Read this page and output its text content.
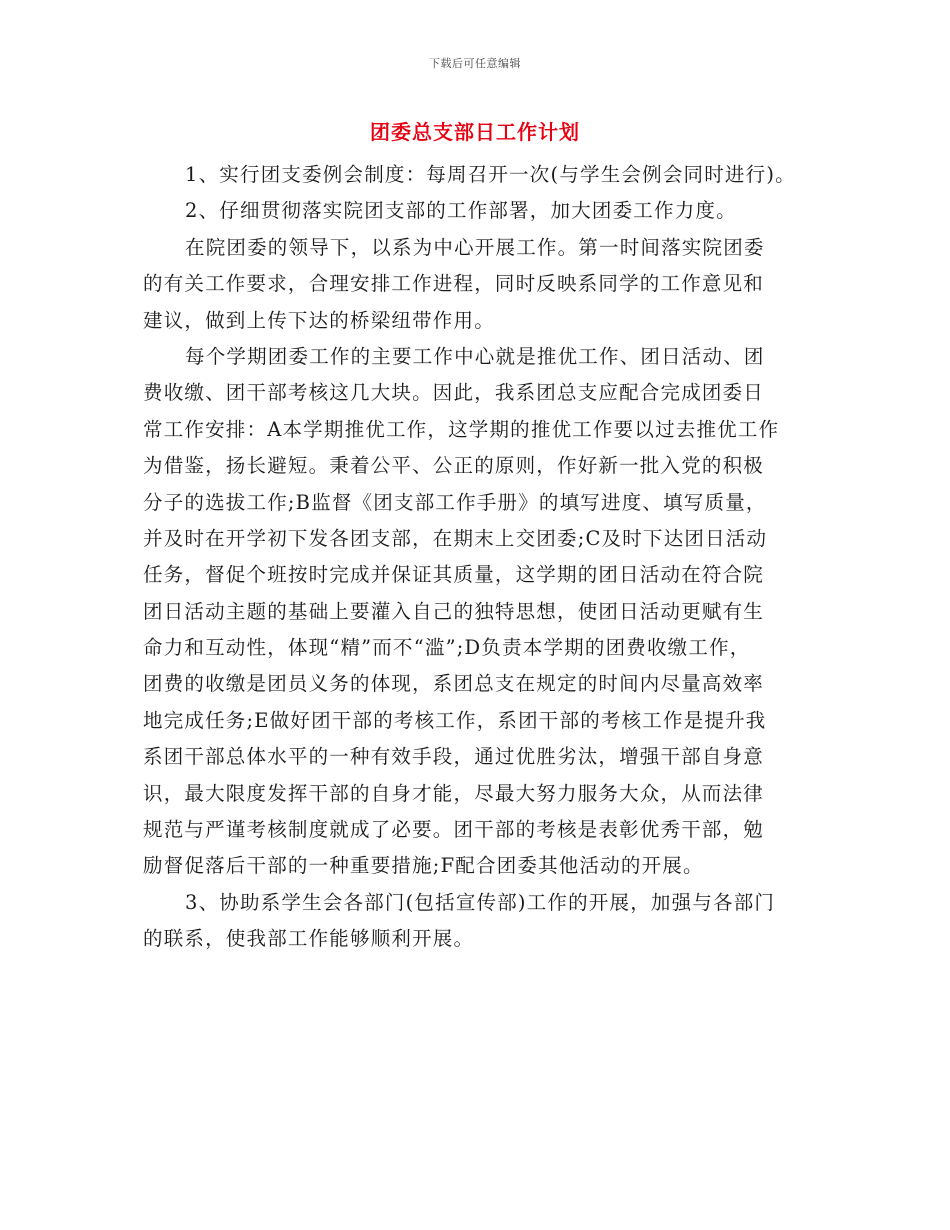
下载后可任意编辑
团委总支部日工作计划
1、实行团支委例会制度：每周召开一次(与学生会例会同时进行)。
2、仔细贯彻落实院团支部的工作部署，加大团委工作力度。
在院团委的领导下，以系为中心开展工作。第一时间落实院团委
的有关工作要求，合理安排工作进程，同时反映系同学的工作意见和
建议，做到上传下达的桥梁纽带作用。
每个学期团委工作的主要工作中心就是推优工作、团日活动、团
费收缴、团干部考核这几大块。因此，我系团总支应配合完成团委日
常工作安排：A本学期推优工作，这学期的推优工作要以过去推优工作
为借鉴，扬长避短。秉着公平、公正的原则，作好新一批入党的积极
分子的选拔工作;B监督《团支部工作手册》的填写进度、填写质量，
并及时在开学初下发各团支部，在期末上交团委;C及时下达团日活动
任务，督促个班按时完成并保证其质量，这学期的团日活动在符合院
团日活动主题的基础上要灌入自己的独特思想，使团日活动更赋有生
命力和互动性，体现“精”而不“滥”;D负责本学期的团费收缴工作，
团费的收缴是团员义务的体现，系团总支在规定的时间内尽量高效率
地完成任务;E做好团干部的考核工作，系团干部的考核工作是提升我
系团干部总体水平的一种有效手段，通过优胜劣汰，增强干部自身意
识，最大限度发挥干部的自身才能，尽最大努力服务大众，从而法律
规范与严谨考核制度就成了必要。团干部的考核是表彰优秀干部，勉
励督促落后干部的一种重要措施;F配合团委其他活动的开展。
3、协助系学生会各部门(包括宣传部)工作的开展，加强与各部门
的联系，使我部工作能够顺利开展。
